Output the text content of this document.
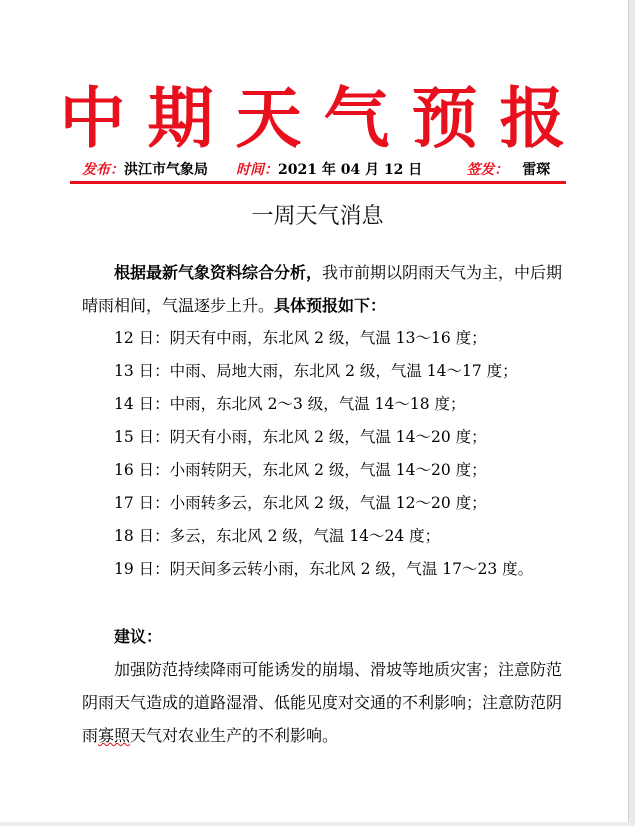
中期天气预报
发布：洪江市气象局 时间：2021 年 04 月 12 日	签发： 雷琛
一周天气消息
根据最新气象资料综合分析，我市前期以阴雨天气为主，中后期晴雨相间，气温逐步上升。具体预报如下：
12 日：阴天有中雨，东北风 2 级，气温 13～16 度；
13 日：中雨、局地大雨，东北风 2 级，气温 14～17 度；
14 日：中雨，东北风 2～3 级，气温 14～18 度；
15 日：阴天有小雨，东北风 2 级，气温 14～20 度；
16 日：小雨转阴天，东北风 2 级，气温 14～20 度；
17 日：小雨转多云，东北风 2 级，气温 12～20 度；
18 日：多云，东北风 2 级，气温 14～24 度；
19 日：阴天间多云转小雨，东北风 2 级，气温 17～23 度。
建议：
加强防范持续降雨可能诱发的崩塌、滑坡等地质灾害；注意防范阴雨天气造成的道路湿滑、低能见度对交通的不利影响；注意防范阴雨寡照天气对农业生产的不利影响。
